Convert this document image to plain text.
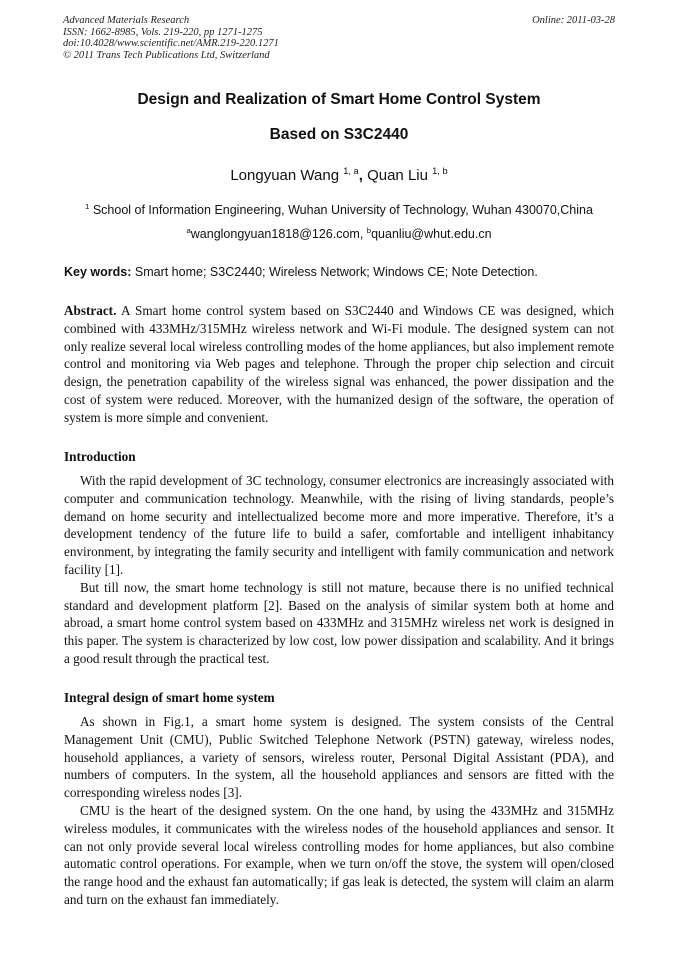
Advanced Materials Research	Online: 2011-03-28
ISSN: 1662-8985, Vols. 219-220, pp 1271-1275
doi:10.4028/www.scientific.net/AMR.219-220.1271
© 2011 Trans Tech Publications Ltd, Switzerland
Design and Realization of Smart Home Control System
Based on S3C2440
Longyuan Wang $^{1, a}$, Quan Liu $^{1, b}$
$^1$ School of Information Engineering, Wuhan University of Technology, Wuhan 430070,China
$^a$wanglongyuan1818@126.com, $^b$quanliu@whut.edu.cn
Key words: Smart home; S3C2440; Wireless Network; Windows CE; Note Detection.

Abstract. A Smart home control system based on S3C2440 and Windows CE was designed, which combined with 433MHz/315MHz wireless network and Wi-Fi module. The designed system can not only realize several local wireless controlling modes of the home appliances, but also implement remote control and monitoring via Web pages and telephone. Through the proper chip selection and circuit design, the penetration capability of the wireless signal was enhanced, the power dissipation and the cost of system were reduced. Moreover, with the humanized design of the software, the operation of system is more simple and convenient.

Introduction

With the rapid development of 3C technology, consumer electronics are increasingly associated with computer and communication technology. Meanwhile, with the rising of living standards, people’s demand on home security and intellectualized become more and more imperative. Therefore, it’s a development tendency of the future life to build a safer, comfortable and intelligent inhabitancy environment, by integrating the family security and intelligent with family communication and network facility [1].

But till now, the smart home technology is still not mature, because there is no unified technical standard and development platform [2]. Based on the analysis of similar system both at home and abroad, a smart home control system based on 433MHz and 315MHz wireless net work is designed in this paper. The system is characterized by low cost, low power dissipation and scalability. And it brings a good result through the practical test.

Integral design of smart home system

As shown in Fig.1, a smart home system is designed. The system consists of the Central Management Unit (CMU), Public Switched Telephone Network (PSTN) gateway, wireless nodes, household appliances, a variety of sensors, wireless router, Personal Digital Assistant (PDA), and numbers of computers. In the system, all the household appliances and sensors are fitted with the corresponding wireless nodes [3].

CMU is the heart of the designed system. On the one hand, by using the 433MHz and 315MHz wireless modules, it communicates with the wireless nodes of the household appliances and sensor. It can not only provide several local wireless controlling modes for home appliances, but also combine automatic control operations. For example, when we turn on/off the stove, the system will open/closed the range hood and the exhaust fan automatically; if gas leak is detected, the system will claim an alarm and turn on the exhaust fan immediately.
